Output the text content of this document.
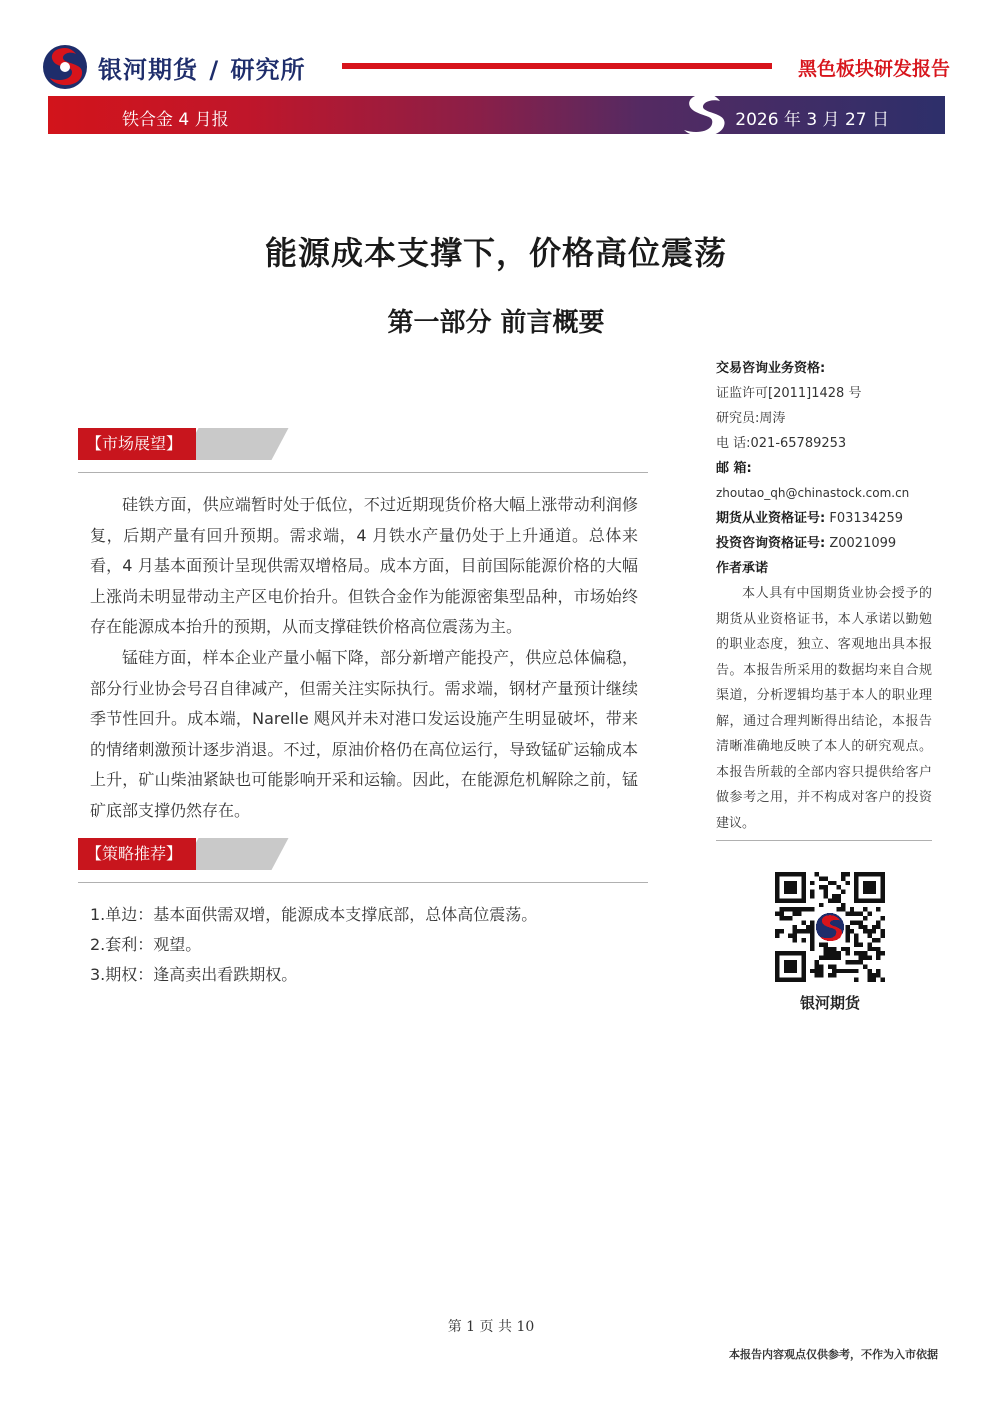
银河期货 / 研究所	黑色板块研发报告
铁合金 4 月报	2026 年 3 月 27 日
能源成本支撑下，价格高位震荡
第一部分 前言概要
【市场展望】

硅铁方面，供应端暂时处于低位，不过近期现货价格大幅上涨带动利润修复，后期产量有回升预期。需求端，4 月铁水产量仍处于上升通道。总体来看，4 月基本面预计呈现供需双增格局。成本方面，目前国际能源价格的大幅上涨尚未明显带动主产区电价抬升。但铁合金作为能源密集型品种，市场始终存在能源成本抬升的预期，从而支撑硅铁价格高位震荡为主。

锰硅方面，样本企业产量小幅下降，部分新增产能投产，供应总体偏稳，部分行业协会号召自律减产，但需关注实际执行。需求端，钢材产量预计继续季节性回升。成本端，Narelle 飓风并未对港口发运设施产生明显破坏，带来的情绪刺激预计逐步消退。不过，原油价格仍在高位运行，导致锰矿运输成本上升，矿山柴油紧缺也可能影响开采和运输。因此，在能源危机解除之前，锰矿底部支撑仍然存在。

【策略推荐】
1.单边：基本面供需双增，能源成本支撑底部，总体高位震荡。
2.套利：观望。
3.期权：逢高卖出看跌期权。
交易咨询业务资格:
证监许可[2011]1428 号
研究员:周涛
电 话:021-65789253
邮 箱:
zhoutao_qh@chinastock.com.cn
期货从业资格证号: F03134259
投资咨询资格证号: Z0021099
作者承诺

本人具有中国期货业协会授予的期货从业资格证书，本人承诺以勤勉的职业态度，独立、客观地出具本报告。本报告所采用的数据均来自合规渠道，分析逻辑均基于本人的职业理解，通过合理判断得出结论，本报告清晰准确地反映了本人的研究观点。本报告所载的全部内容只提供给客户做参考之用，并不构成对客户的投资建议。

银河期货
第 1 页 共 10
本报告内容观点仅供参考，不作为入市依据
